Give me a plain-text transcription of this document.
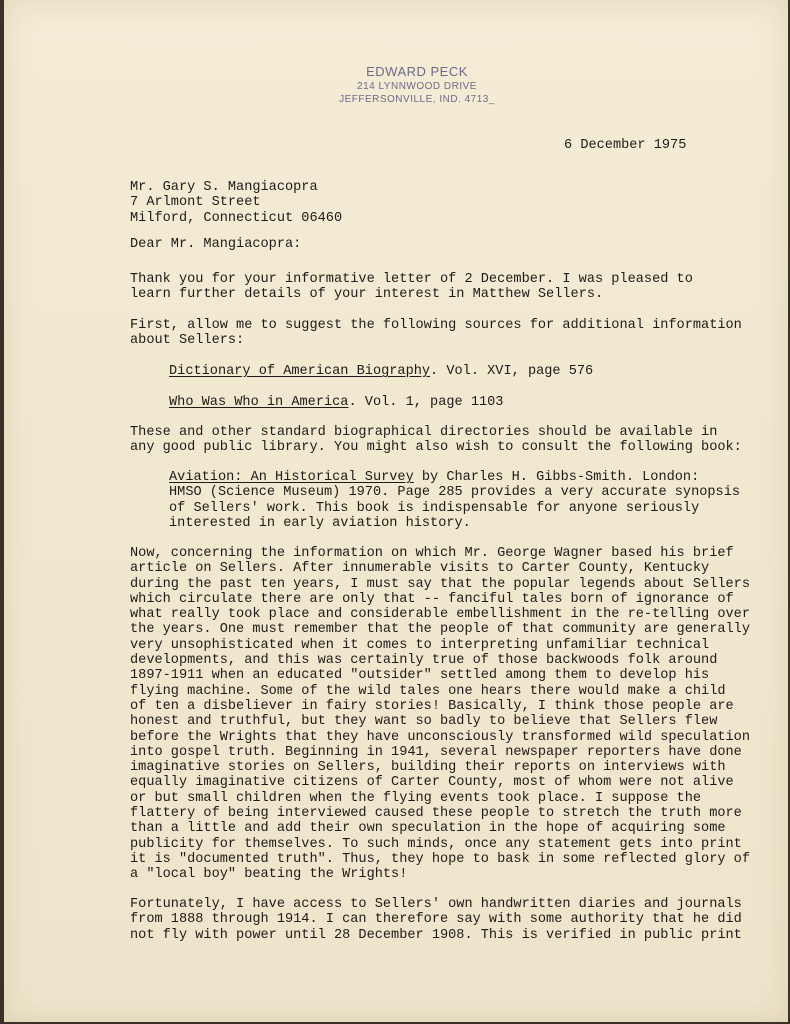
EDWARD PECK
214 LYNNWOOD DRIVE
JEFFERSONVILLE, IND. 4713_
6 December 1975
Mr. Gary S. Mangiacopra
7 Arlmont Street
Milford, Connecticut 06460
Dear Mr. Mangiacopra:
Thank you for your informative letter of 2 December. I was pleased to
learn further details of your interest in Matthew Sellers.
First, allow me to suggest the following sources for additional information
about Sellers:
Dictionary of American Biography. Vol. XVI, page 576
Who Was Who in America. Vol. 1, page 1103
These and other standard biographical directories should be available in
any good public library. You might also wish to consult the following book:
Aviation: An Historical Survey by Charles H. Gibbs-Smith. London:
HMSO (Science Museum) 1970. Page 285 provides a very accurate synopsis
of Sellers' work. This book is indispensable for anyone seriously
interested in early aviation history.
Now, concerning the information on which Mr. George Wagner based his brief
article on Sellers. After innumerable visits to Carter County, Kentucky
during the past ten years, I must say that the popular legends about Sellers
which circulate there are only that -- fanciful tales born of ignorance of
what really took place and considerable embellishment in the re-telling over
the years. One must remember that the people of that community are generally
very unsophisticated when it comes to interpreting unfamiliar technical
developments, and this was certainly true of those backwoods folk around
1897-1911 when an educated "outsider" settled among them to develop his
flying machine. Some of the wild tales one hears there would make a child
of ten a disbeliever in fairy stories! Basically, I think those people are
honest and truthful, but they want so badly to believe that Sellers flew
before the Wrights that they have unconsciously transformed wild speculation
into gospel truth. Beginning in 1941, several newspaper reporters have done
imaginative stories on Sellers, building their reports on interviews with
equally imaginative citizens of Carter County, most of whom were not alive
or but small children when the flying events took place. I suppose the
flattery of being interviewed caused these people to stretch the truth more
than a little and add their own speculation in the hope of acquiring some
publicity for themselves. To such minds, once any statement gets into print
it is "documented truth". Thus, they hope to bask in some reflected glory of
a "local boy" beating the Wrights!
Fortunately, I have access to Sellers' own handwritten diaries and journals
from 1888 through 1914. I can therefore say with some authority that he did
not fly with power until 28 December 1908. This is verified in public print
